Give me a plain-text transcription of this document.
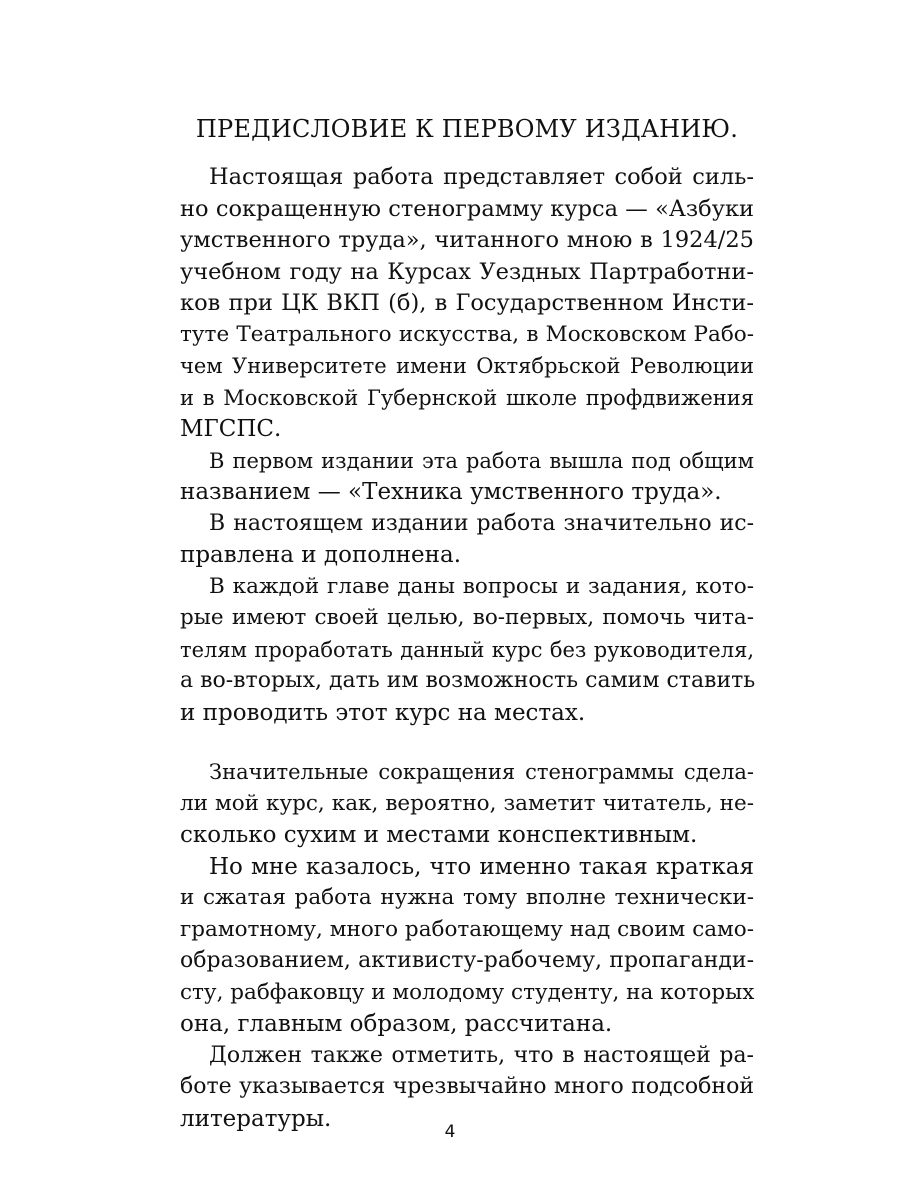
ПРЕДИСЛОВИЕ К ПЕРВОМУ ИЗДАНИЮ.
Настоящая работа представляет собой силь-
но сокращенную стенограмму курса — «Азбуки
умственного труда», читанного мною в 1924/25
учебном году на Курсах Уездных Партработни-
ков при ЦК ВКП (б), в Государственном Инсти-
туте Театрального искусства, в Московском Рабо-
чем Университете имени Октябрьской Революции
и в Московской Губернской школе профдвижения
МГСПС.
В первом издании эта работа вышла под общим
названием — «Техника умственного труда».
В настоящем издании работа значительно ис-
правлена и дополнена.
В каждой главе даны вопросы и задания, кото-
рые имеют своей целью, во-первых, помочь чита-
телям проработать данный курс без руководителя,
а во-вторых, дать им возможность самим ставить
и проводить этот курс на местах.
Значительные сокращения стенограммы сдела-
ли мой курс, как, вероятно, заметит читатель, не-
сколько сухим и местами конспективным.
Но мне казалось, что именно такая краткая
и сжатая работа нужна тому вполне технически-
грамотному, много работающему над своим само-
образованием, активисту-рабочему, пропаганди-
сту, рабфаковцу и молодому студенту, на которых
она, главным образом, рассчитана.
Должен также отметить, что в настоящей ра-
боте указывается чрезвычайно много подсобной
литературы.
4
